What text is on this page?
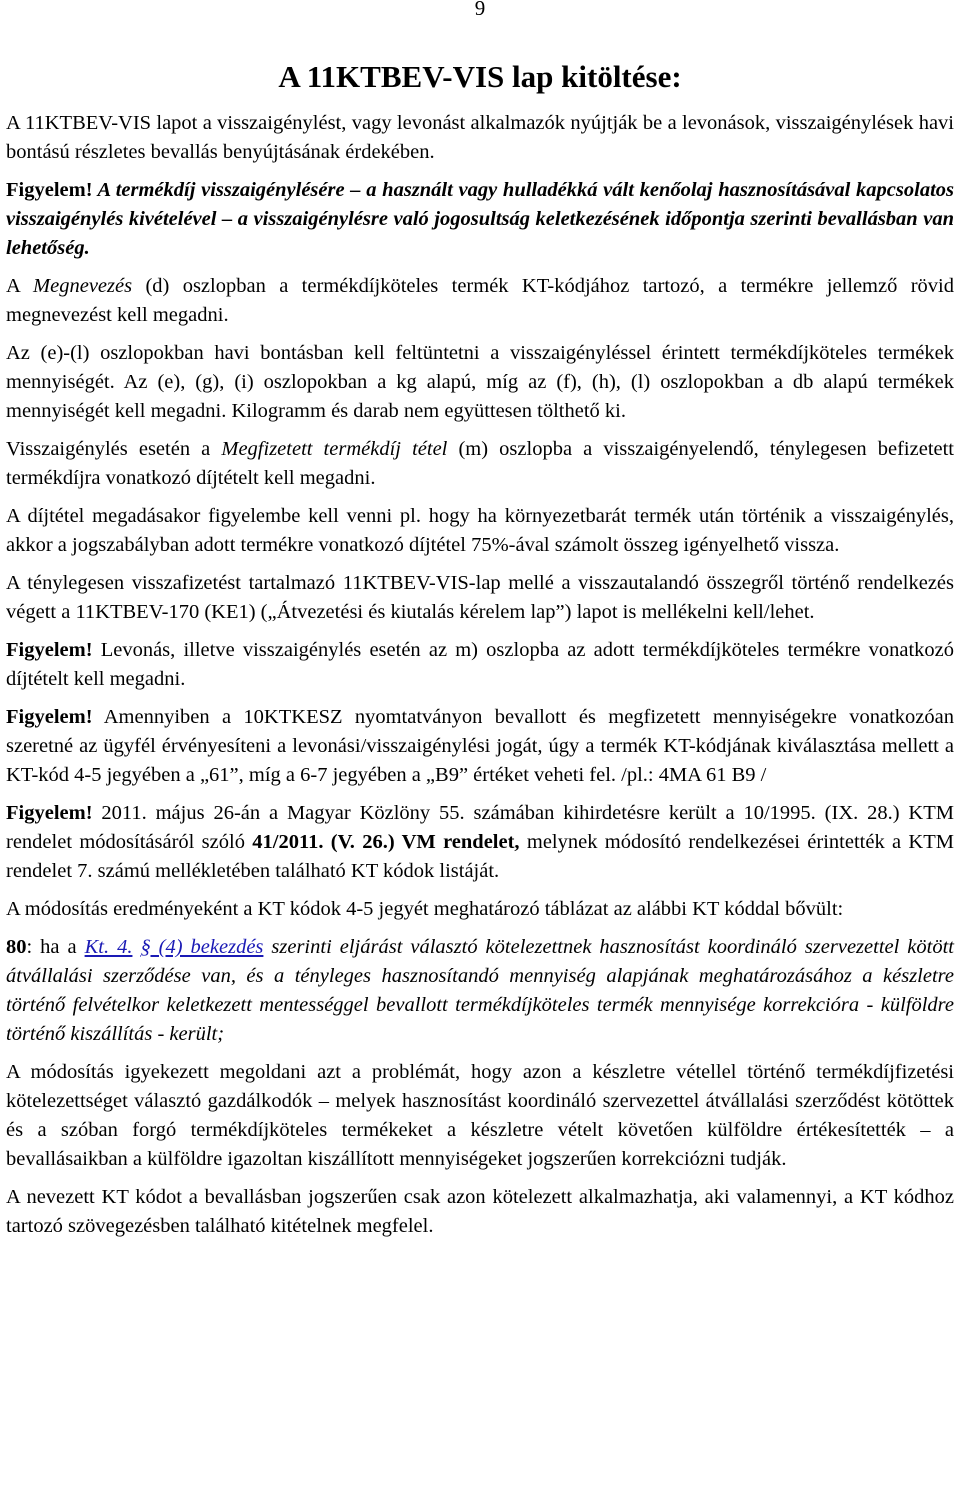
9
A 11KTBEV-VIS lap kitöltése:

A 11KTBEV-VIS lapot a visszaigénylést, vagy levonást alkalmazók nyújtják be a levonások, visszaigénylések havi bontású részletes bevallás benyújtásának érdekében.

Figyelem! A termékdíj visszaigénylésére – a használt vagy hulladékká vált kenőolaj hasznosításával kapcsolatos visszaigénylés kivételével – a visszaigénylésre való jogosultság keletkezésének időpontja szerinti bevallásban van lehetőség.

A Megnevezés (d) oszlopban a termékdíjköteles termék KT-kódjához tartozó, a termékre jellemző rövid megnevezést kell megadni.

Az (e)-(l) oszlopokban havi bontásban kell feltüntetni a visszaigényléssel érintett termékdíjköteles termékek mennyiségét. Az (e), (g), (i) oszlopokban a kg alapú, míg az (f), (h), (l) oszlopokban a db alapú termékek mennyiségét kell megadni. Kilogramm és darab nem együttesen tölthető ki.

Visszaigénylés esetén a Megfizetett termékdíj tétel (m) oszlopba a visszaigényelendő, ténylegesen befizetett termékdíjra vonatkozó díjtételt kell megadni.

A díjtétel megadásakor figyelembe kell venni pl. hogy ha környezetbarát termék után történik a visszaigénylés, akkor a jogszabályban adott termékre vonatkozó díjtétel 75%-ával számolt összeg igényelhető vissza.

A ténylegesen visszafizetést tartalmazó 11KTBEV-VIS-lap mellé a visszautalandó összegről történő rendelkezés végett a 11KTBEV-170 (KE1) („Átvezetési és kiutalás kérelem lap”) lapot is mellékelni kell/lehet.

Figyelem! Levonás, illetve visszaigénylés esetén az m) oszlopba az adott termékdíjköteles termékre vonatkozó díjtételt kell megadni.

Figyelem! Amennyiben a 10KTKESZ nyomtatványon bevallott és megfizetett mennyiségekre vonatkozóan szeretné az ügyfél érvényesíteni a levonási/visszaigénylési jogát, úgy a termék KT-kódjának kiválasztása mellett a KT-kód 4-5 jegyében a „61”, míg a 6-7 jegyében a „B9” értéket veheti fel. /pl.: 4MA 61 B9 /

Figyelem! 2011. május 26-án a Magyar Közlöny 55. számában kihirdetésre került a 10/1995. (IX. 28.) KTM rendelet módosításáról szóló 41/2011. (V. 26.) VM rendelet, melynek módosító rendelkezései érintették a KTM rendelet 7. számú mellékletében található KT kódok listáját.

A módosítás eredményeként a KT kódok 4-5 jegyét meghatározó táblázat az alábbi KT kóddal bővült:

80: ha a Kt. 4. § (4) bekezdés szerinti eljárást választó kötelezettnek hasznosítást koordináló szervezettel kötött átvállalási szerződése van, és a tényleges hasznosítandó mennyiség alapjának meghatározásához a készletre történő felvételkor keletkezett mentességgel bevallott termékdíjköteles termék mennyisége korrekcióra - külföldre történő kiszállítás - került;

A módosítás igyekezett megoldani azt a problémát, hogy azon a készletre vétellel történő termékdíjfizetési kötelezettséget választó gazdálkodók – melyek hasznosítást koordináló szervezettel átvállalási szerződést kötöttek és a szóban forgó termékdíjköteles termékeket a készletre vételt követően külföldre értékesítették – a bevallásaikban a külföldre igazoltan kiszállított mennyiségeket jogszerűen korrekciózni tudják.

A nevezett KT kódot a bevallásban jogszerűen csak azon kötelezett alkalmazhatja, aki valamennyi, a KT kódhoz tartozó szövegezésben található kitételnek megfelel.
